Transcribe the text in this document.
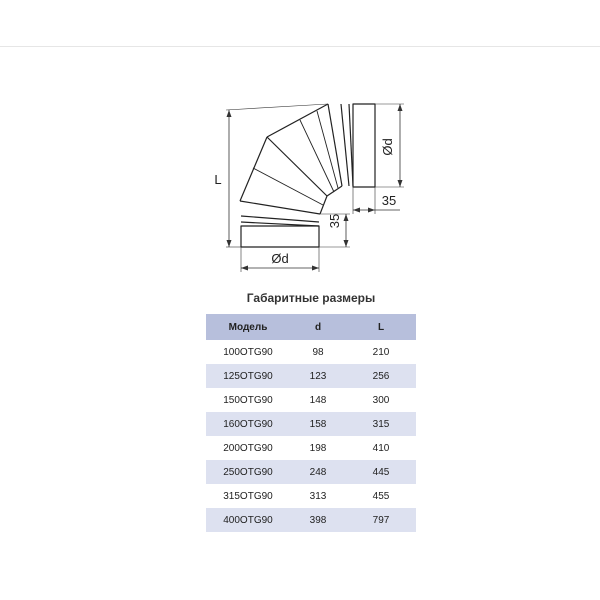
L
Ød
35
35
Ød
Габаритные размеры
Модель	d	L
100OTG90	98	210
125OTG90	123	256
150OTG90	148	300
160OTG90	158	315
200OTG90	198	410
250OTG90	248	445
315OTG90	313	455
400OTG90	398	797
